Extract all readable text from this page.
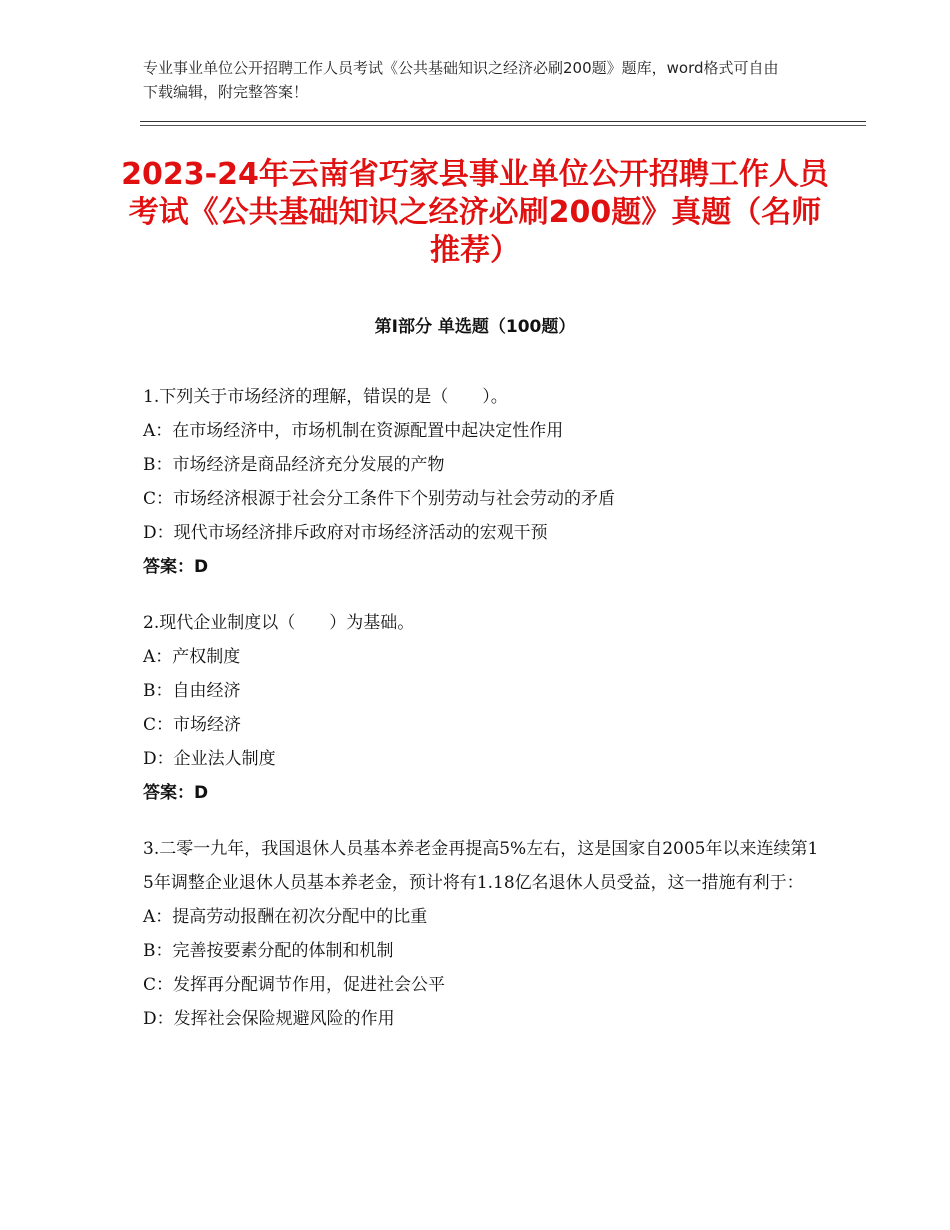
专业事业单位公开招聘工作人员考试《公共基础知识之经济必刷200题》题库，word格式可自由下载编辑，附完整答案！
2023-24年云南省巧家县事业单位公开招聘工作人员考试《公共基础知识之经济必刷200题》真题（名师推荐）
第Ⅰ部分 单选题（100题）
1.下列关于市场经济的理解，错误的是（　　）。
A：在市场经济中，市场机制在资源配置中起决定性作用
B：市场经济是商品经济充分发展的产物
C：市场经济根源于社会分工条件下个别劳动与社会劳动的矛盾
D：现代市场经济排斥政府对市场经济活动的宏观干预
答案：D
2.现代企业制度以（　　）为基础。
A：产权制度
B：自由经济
C：市场经济
D：企业法人制度
答案：D
3.二零一九年，我国退休人员基本养老金再提高5%左右，这是国家自2005年以来连续第15年调整企业退休人员基本养老金，预计将有1.18亿名退休人员受益，这一措施有利于：
A：提高劳动报酬在初次分配中的比重
B：完善按要素分配的体制和机制
C：发挥再分配调节作用，促进社会公平
D：发挥社会保险规避风险的作用
